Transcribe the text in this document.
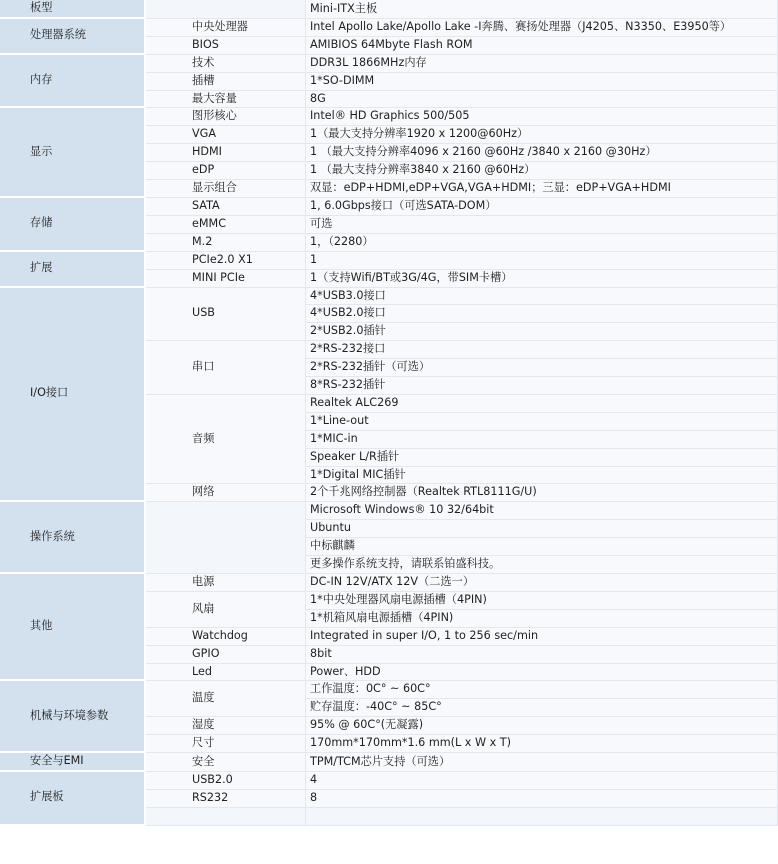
板型		Mini-ITX主板
处理器系统	中央处理器	Intel Apollo Lake/Apollo Lake -I奔腾、赛扬处理器（J4205、N3350、E3950等）
	BIOS	AMIBIOS 64Mbyte Flash ROM
内存	技术	DDR3L 1866MHz内存
	插槽	1*SO-DIMM
	最大容量	8G
显示	图形核心	Intel® HD Graphics 500/505
	VGA	1（最大支持分辨率1920 x 1200@60Hz）
	HDMI	1 （最大支持分辨率4096 x 2160 @60Hz /3840 x 2160 @30Hz）
	eDP	1 （最大支持分辨率3840 x 2160 @60Hz）
	显示组合	双显：eDP+HDMI,eDP+VGA,VGA+HDMI；三显：eDP+VGA+HDMI
存储	SATA	1, 6.0Gbps接口（可选SATA-DOM）
	eMMC	可选
	M.2	1，（2280）
扩展	PCIe2.0 X1	1
	MINI PCIe	1（支持Wifi/BT或3G/4G，带SIM卡槽）
I/O接口	USB	4*USB3.0接口
		4*USB2.0接口
		2*USB2.0插针
	串口	2*RS-232接口
		2*RS-232插针（可选）
		8*RS-232插针
	音频	Realtek ALC269
		1*Line-out
		1*MIC-in
		Speaker L/R插针
		1*Digital MIC插针
	网络	2个千兆网络控制器（Realtek RTL8111G/U)
操作系统		Microsoft Windows® 10 32/64bit
		Ubuntu
		中标麒麟
		更多操作系统支持，请联系铂盛科技。
其他	电源	DC-IN 12V/ATX 12V（二选一）
	风扇	1*中央处理器风扇电源插槽（4PIN)
		1*机箱风扇电源插槽（4PIN)
	Watchdog	Integrated in super I/O, 1 to 256 sec/min
	GPIO	8bit
	Led	Power、HDD
机械与环境参数	温度	工作温度：0C° ~ 60C°
		贮存温度：-40C° ~ 85C°
	湿度	95% @ 60C°(无凝露)
	尺寸	170mm*170mm*1.6 mm(L x W x T)
安全与EMI	安全	TPM/TCM芯片支持（可选）
扩展板	USB2.0	4
	RS232	8
